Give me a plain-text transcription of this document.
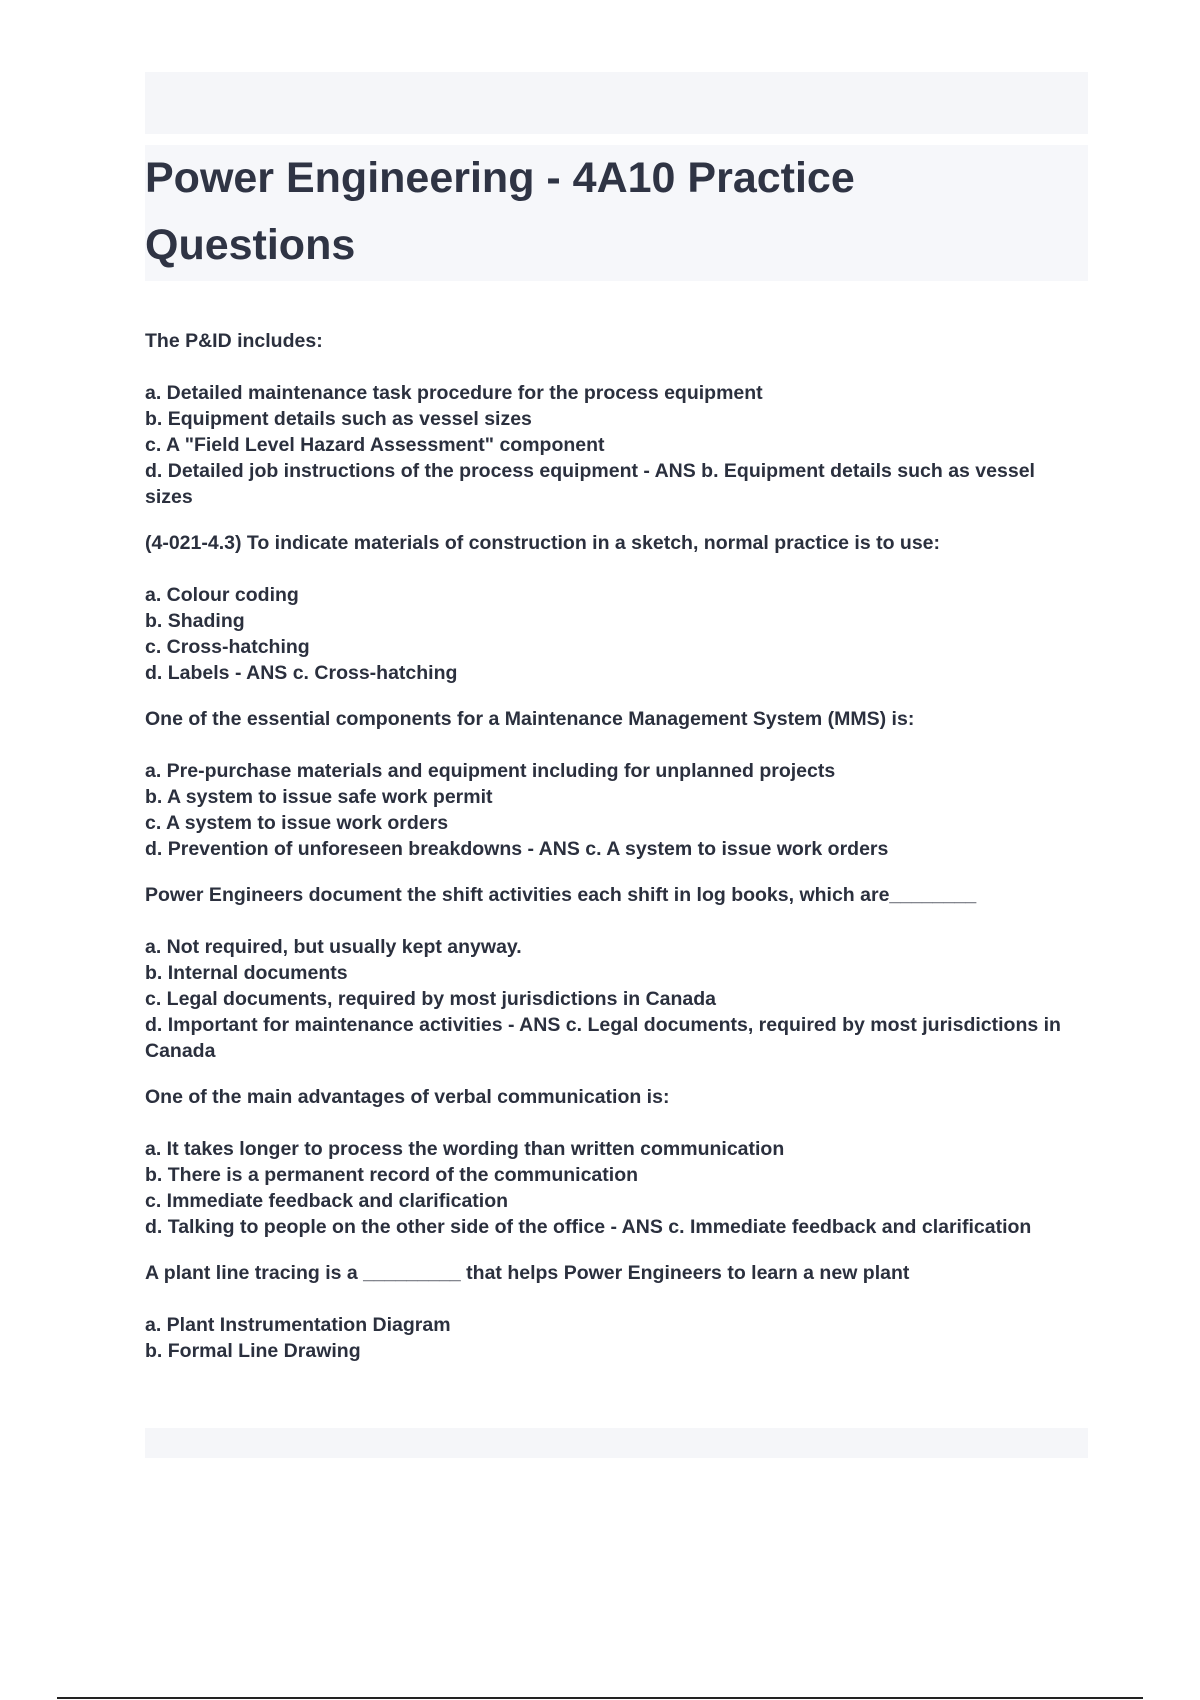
Power Engineering - 4A10 Practice Questions
The P&ID includes:
a. Detailed maintenance task procedure for the process equipment
b. Equipment details such as vessel sizes
c. A "Field Level Hazard Assessment" component
d. Detailed job instructions of the process equipment - ANS b. Equipment details such as vessel sizes
(4-021-4.3) To indicate materials of construction in a sketch, normal practice is to use:
a. Colour coding
b. Shading
c. Cross-hatching
d. Labels - ANS c. Cross-hatching
One of the essential components for a Maintenance Management System (MMS) is:
a. Pre-purchase materials and equipment including for unplanned projects
b. A system to issue safe work permit
c. A system to issue work orders
d. Prevention of unforeseen breakdowns - ANS c. A system to issue work orders
Power Engineers document the shift activities each shift in log books, which are________
a. Not required, but usually kept anyway.
b. Internal documents
c. Legal documents, required by most jurisdictions in Canada
d. Important for maintenance activities - ANS c. Legal documents, required by most jurisdictions in Canada
One of the main advantages of verbal communication is:
a. It takes longer to process the wording than written communication
b. There is a permanent record of the communication
c. Immediate feedback and clarification
d. Talking to people on the other side of the office - ANS c. Immediate feedback and clarification
A plant line tracing is a _________ that helps Power Engineers to learn a new plant
a. Plant Instrumentation Diagram
b. Formal Line Drawing
